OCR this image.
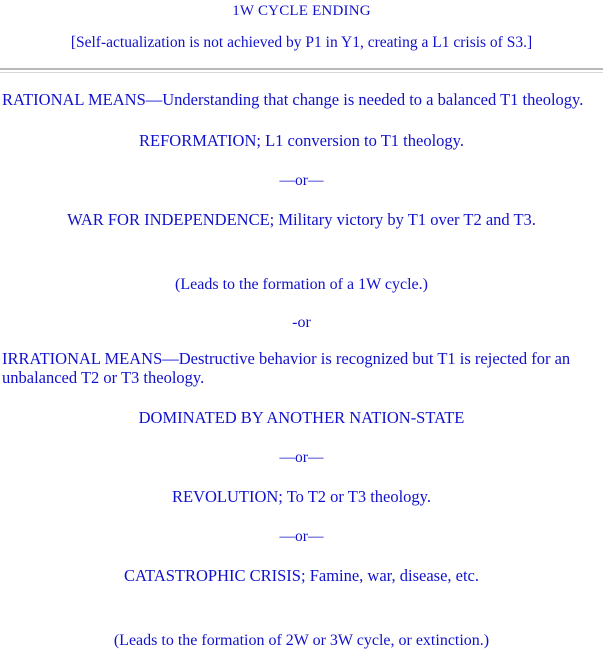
1W CYCLE ENDING
[Self-actualization is not achieved by P1 in Y1, creating a L1 crisis of S3.]
RATIONAL MEANS—Understanding that change is needed to a balanced T1 theology.
REFORMATION; L1 conversion to T1 theology.
—or—
WAR FOR INDEPENDENCE; Military victory by T1 over T2 and T3.
(Leads to the formation of a 1W cycle.)
-or
IRRATIONAL MEANS—Destructive behavior is recognized but T1 is rejected for an unbalanced T2 or T3 theology.
DOMINATED BY ANOTHER NATION-STATE
—or—
REVOLUTION; To T2 or T3 theology.
—or—
CATASTROPHIC CRISIS; Famine, war, disease, etc.
(Leads to the formation of 2W or 3W cycle, or extinction.)
